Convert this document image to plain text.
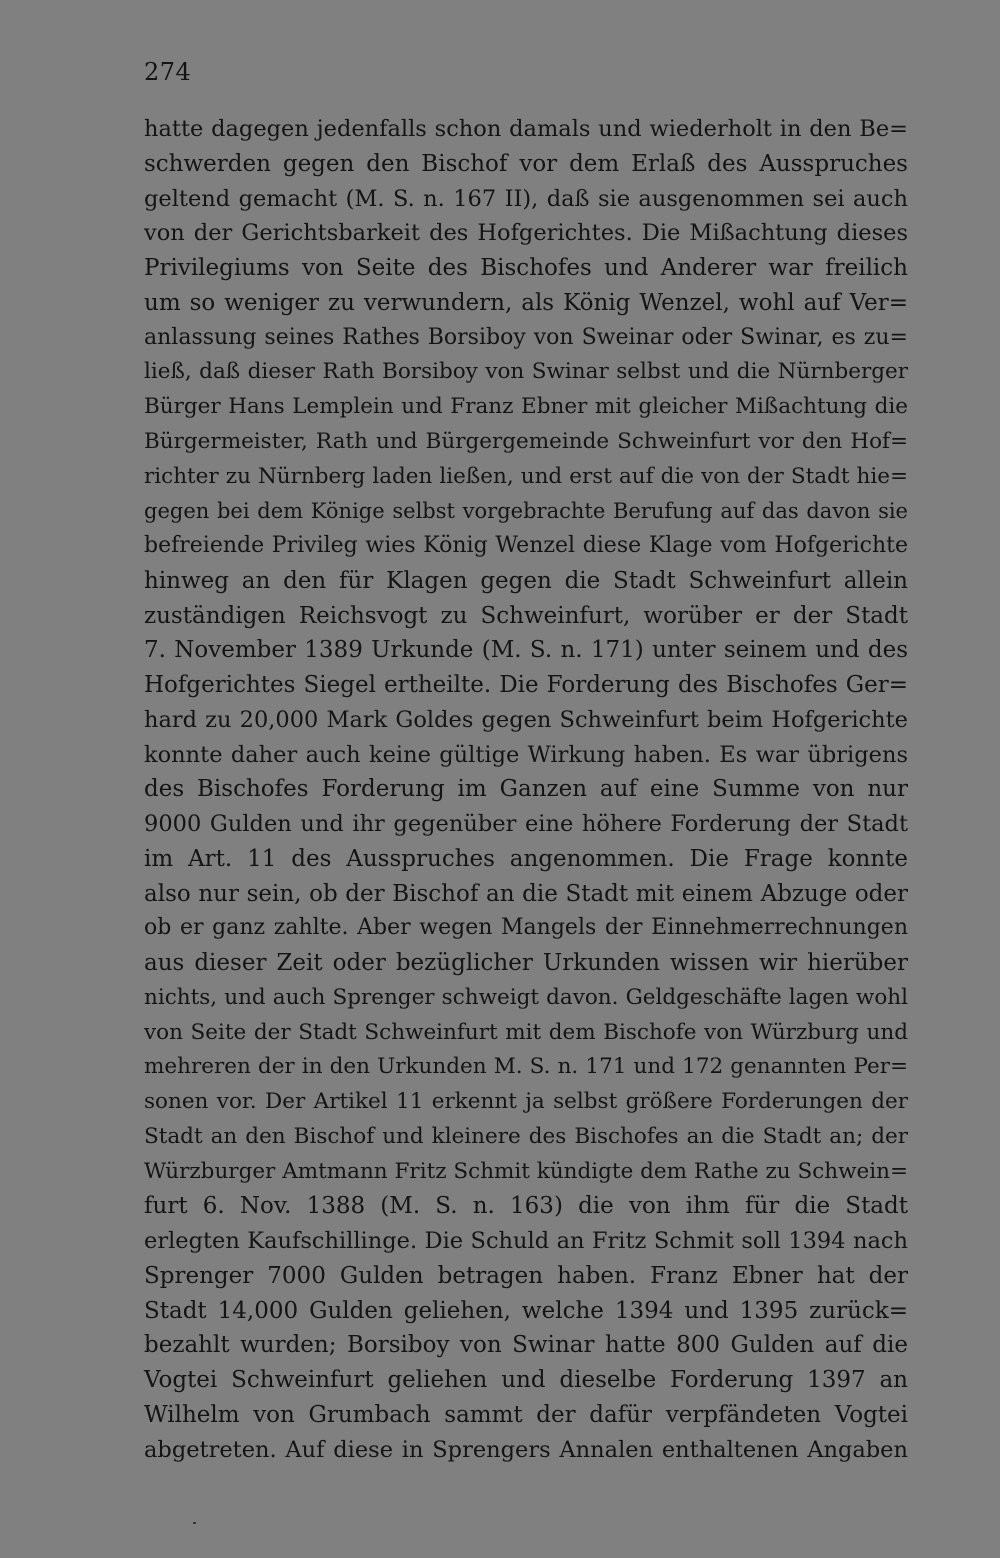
274
hatte dagegen jedenfalls schon damals und wiederholt in den Be=
schwerden gegen den Bischof vor dem Erlaß des Ausspruches
geltend gemacht (M. S. n. 167 II), daß sie ausgenommen sei auch
von der Gerichtsbarkeit des Hofgerichtes. Die Mißachtung dieses
Privilegiums von Seite des Bischofes und Anderer war freilich
um so weniger zu verwundern, als König Wenzel, wohl auf Ver=
anlassung seines Rathes Borsiboy von Sweinar oder Swinar, es zu=
ließ, daß dieser Rath Borsiboy von Swinar selbst und die Nürnberger
Bürger Hans Lemplein und Franz Ebner mit gleicher Mißachtung die
Bürgermeister, Rath und Bürgergemeinde Schweinfurt vor den Hof=
richter zu Nürnberg laden ließen, und erst auf die von der Stadt hie=
gegen bei dem Könige selbst vorgebrachte Berufung auf das davon sie
befreiende Privileg wies König Wenzel diese Klage vom Hofgerichte
hinweg an den für Klagen gegen die Stadt Schweinfurt allein
zuständigen Reichsvogt zu Schweinfurt, worüber er der Stadt
7. November 1389 Urkunde (M. S. n. 171) unter seinem und des
Hofgerichtes Siegel ertheilte. Die Forderung des Bischofes Ger=
hard zu 20,000 Mark Goldes gegen Schweinfurt beim Hofgerichte
konnte daher auch keine gültige Wirkung haben. Es war übrigens
des Bischofes Forderung im Ganzen auf eine Summe von nur
9000 Gulden und ihr gegenüber eine höhere Forderung der Stadt
im Art. 11 des Ausspruches angenommen. Die Frage konnte
also nur sein, ob der Bischof an die Stadt mit einem Abzuge oder
ob er ganz zahlte. Aber wegen Mangels der Einnehmerrechnungen
aus dieser Zeit oder bezüglicher Urkunden wissen wir hierüber
nichts, und auch Sprenger schweigt davon. Geldgeschäfte lagen wohl
von Seite der Stadt Schweinfurt mit dem Bischofe von Würzburg und
mehreren der in den Urkunden M. S. n. 171 und 172 genannten Per=
sonen vor. Der Artikel 11 erkennt ja selbst größere Forderungen der
Stadt an den Bischof und kleinere des Bischofes an die Stadt an; der
Würzburger Amtmann Fritz Schmit kündigte dem Rathe zu Schwein=
furt 6. Nov. 1388 (M. S. n. 163) die von ihm für die Stadt
erlegten Kaufschillinge. Die Schuld an Fritz Schmit soll 1394 nach
Sprenger 7000 Gulden betragen haben. Franz Ebner hat der
Stadt 14,000 Gulden geliehen, welche 1394 und 1395 zurück=
bezahlt wurden; Borsiboy von Swinar hatte 800 Gulden auf die
Vogtei Schweinfurt geliehen und dieselbe Forderung 1397 an
Wilhelm von Grumbach sammt der dafür verpfändeten Vogtei
abgetreten. Auf diese in Sprengers Annalen enthaltenen Angaben
